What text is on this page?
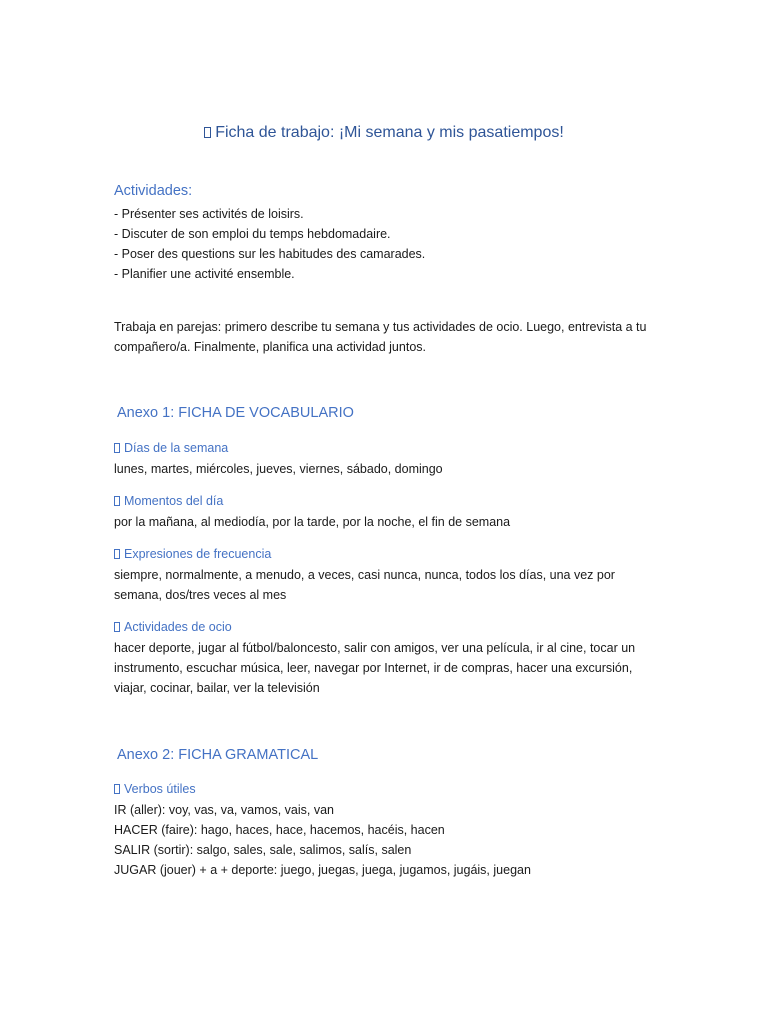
Ficha de trabajo: ¡Mi semana y mis pasatiempos!
Actividades:
- Présenter ses activités de loisirs.
- Discuter de son emploi du temps hebdomadaire.
- Poser des questions sur les habitudes des camarades.
- Planifier une activité ensemble.
Trabaja en parejas: primero describe tu semana y tus actividades de ocio. Luego, entrevista a tu
compañero/a. Finalmente, planifica una actividad juntos.
Anexo 1: FICHA DE VOCABULARIO
Días de la semana
lunes, martes, miércoles, jueves, viernes, sábado, domingo
Momentos del día
por la mañana, al mediodía, por la tarde, por la noche, el fin de semana
Expresiones de frecuencia
siempre, normalmente, a menudo, a veces, casi nunca, nunca, todos los días, una vez por
semana, dos/tres veces al mes
Actividades de ocio
hacer deporte, jugar al fútbol/baloncesto, salir con amigos, ver una película, ir al cine, tocar un
instrumento, escuchar música, leer, navegar por Internet, ir de compras, hacer una excursión,
viajar, cocinar, bailar, ver la televisión
Anexo 2: FICHA GRAMATICAL
Verbos útiles
IR (aller): voy, vas, va, vamos, vais, van
HACER (faire): hago, haces, hace, hacemos, hacéis, hacen
SALIR (sortir): salgo, sales, sale, salimos, salís, salen
JUGAR (jouer) + a + deporte: juego, juegas, juega, jugamos, jugáis, juegan
